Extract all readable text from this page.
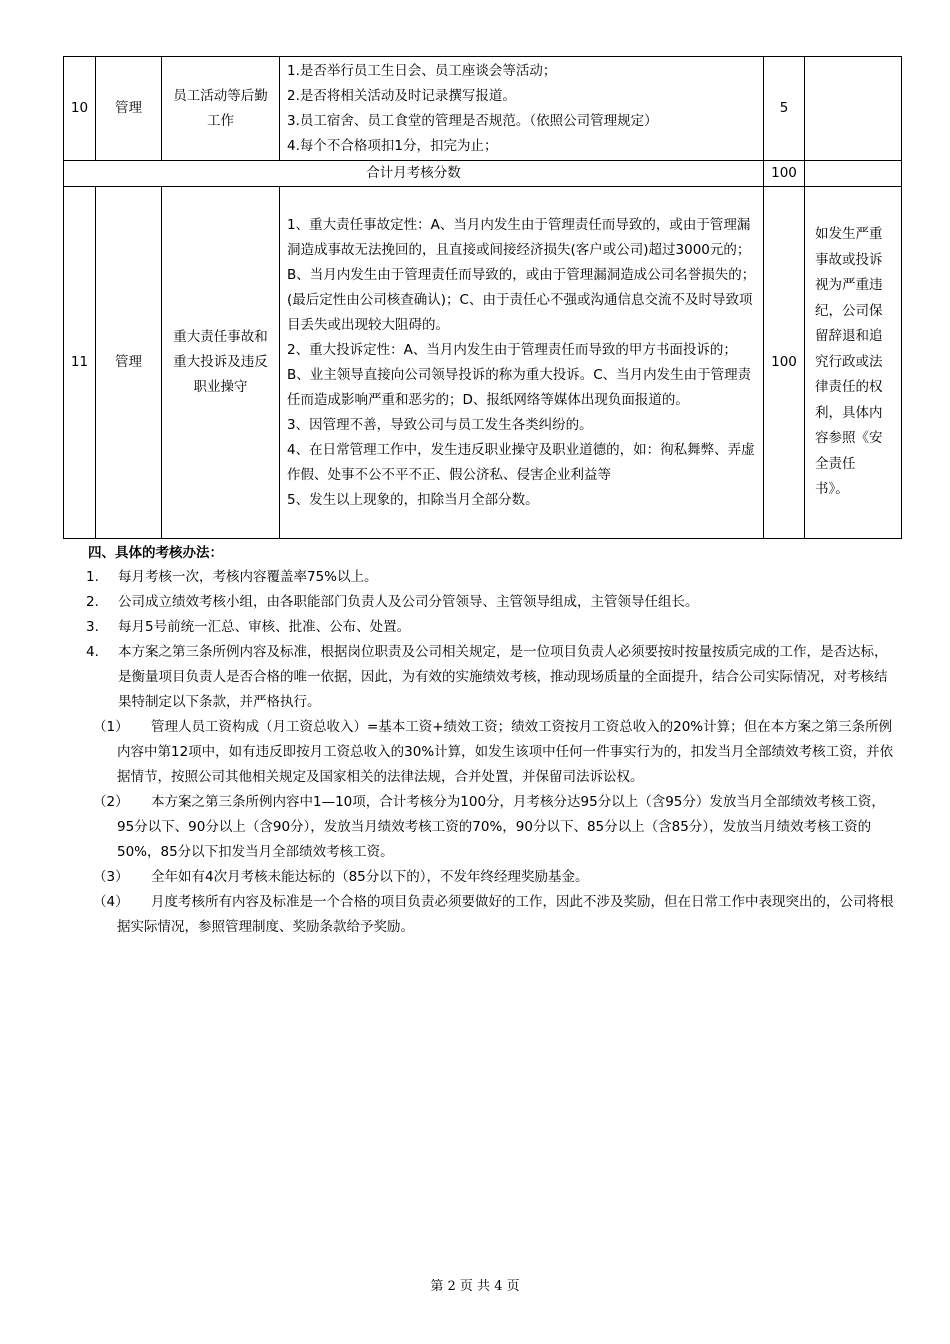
10	管理	员工活动等后勤工作	1.是否举行员工生日会、员工座谈会等活动；
2.是否将相关活动及时记录撰写报道。
3.员工宿舍、员工食堂的管理是否规范。（依照公司管理规定）
4.每个不合格项扣1分，扣完为止；	5	
合计月考核分数				100	
11	管理	重大责任事故和重大投诉及违反职业操守	1、重大责任事故定性：A、当月内发生由于管理责任而导致的，或由于管理漏洞造成事故无法挽回的，且直接或间接经济损失(客户或公司)超过3000元的；B、当月内发生由于管理责任而导致的，或由于管理漏洞造成公司名誉损失的；(最后定性由公司核查确认)；C、由于责任心不强或沟通信息交流不及时导致项目丢失或出现较大阻碍的。
2、重大投诉定性：A、当月内发生由于管理责任而导致的甲方书面投诉的；B、业主领导直接向公司领导投诉的称为重大投诉。C、当月内发生由于管理责任而造成影响严重和恶劣的；D、报纸网络等媒体出现负面报道的。
3、因管理不善，导致公司与员工发生各类纠纷的。
4、在日常管理工作中，发生违反职业操守及职业道德的，如：徇私舞弊、弄虚作假、处事不公不平不正、假公济私、侵害企业利益等
5、发生以上现象的，扣除当月全部分数。	100	如发生严重事故或投诉视为严重违纪，公司保留辞退和追究行政或法律责任的权利，具体内容参照《安全责任书》。
四、具体的考核办法：
1.	每月考核一次，考核内容覆盖率75%以上。
2.	公司成立绩效考核小组，由各职能部门负责人及公司分管领导、主管领导组成，主管领导任组长。
3.	每月5号前统一汇总、审核、批准、公布、处置。
4.	本方案之第三条所例内容及标准，根据岗位职责及公司相关规定，是一位项目负责人必须要按时按量按质完成的工作，是否达标，是衡量项目负责人是否合格的唯一依据，因此，为有效的实施绩效考核，推动现场质量的全面提升，结合公司实际情况，对考核结果特制定以下条款，并严格执行。
（1）	管理人员工资构成（月工资总收入）=基本工资+绩效工资；绩效工资按月工资总收入的20%计算；但在本方案之第三条所例内容中第12项中，如有违反即按月工资总收入的30%计算，如发生该项中任何一件事实行为的，扣发当月全部绩效考核工资，并依据情节，按照公司其他相关规定及国家相关的法律法规，合并处置，并保留司法诉讼权。
（2）	本方案之第三条所例内容中1—10项，合计考核分为100分，月考核分达95分以上（含95分）发放当月全部绩效考核工资，95分以下、90分以上（含90分），发放当月绩效考核工资的70%，90分以下、85分以上（含85分），发放当月绩效考核工资的50%，85分以下扣发当月全部绩效考核工资。
（3）	全年如有4次月考核未能达标的（85分以下的），不发年终经理奖励基金。
（4）	月度考核所有内容及标准是一个合格的项目负责必须要做好的工作，因此不涉及奖励，但在日常工作中表现突出的，公司将根据实际情况，参照管理制度、奖励条款给予奖励。
第 2 页 共 4 页
